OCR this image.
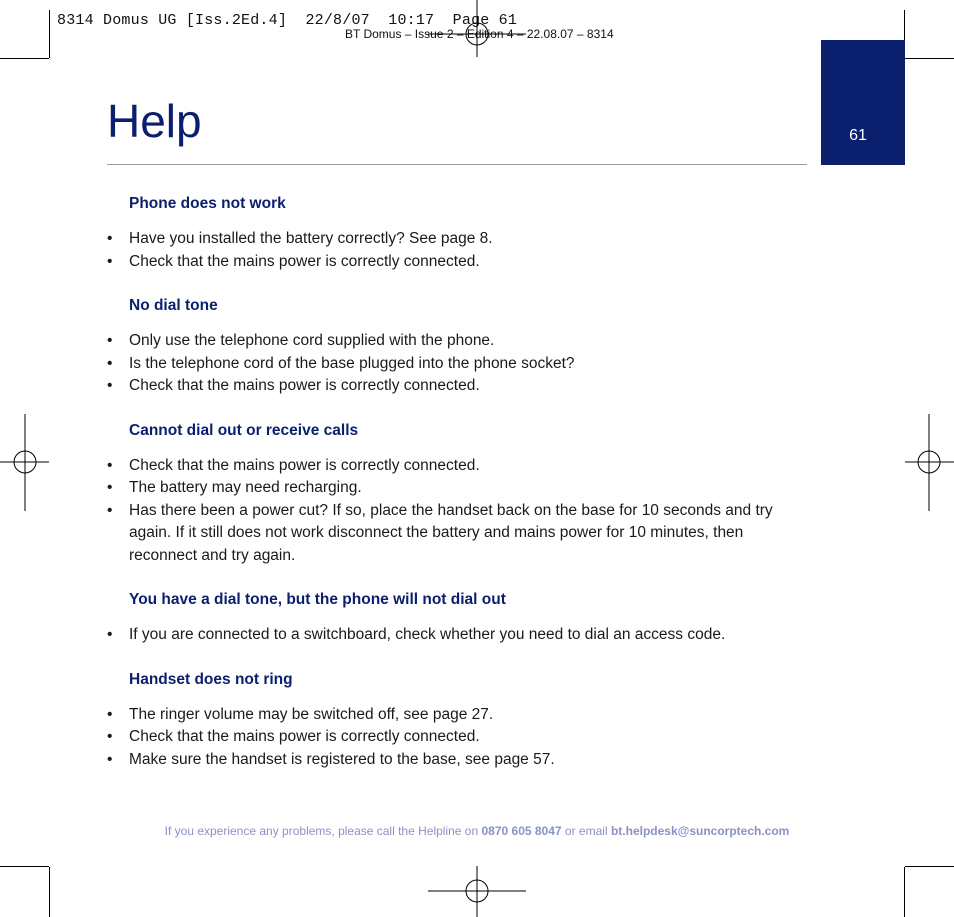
8314 Domus UG [Iss.2Ed.4]  22/8/07  10:17  Page 61
BT Domus – Issue 2 – Edition 4 – 22.08.07 – 8314
61
Help
Phone does not work
• Have you installed the battery correctly? See page 8.
• Check that the mains power is correctly connected.
No dial tone
• Only use the telephone cord supplied with the phone.
• Is the telephone cord of the base plugged into the phone socket?
• Check that the mains power is correctly connected.
Cannot dial out or receive calls
• Check that the mains power is correctly connected.
• The battery may need recharging.
• Has there been a power cut? If so, place the handset back on the base for 10 seconds and try again. If it still does not work disconnect the battery and mains power for 10 minutes, then reconnect and try again.
You have a dial tone, but the phone will not dial out
• If you are connected to a switchboard, check whether you need to dial an access code.
Handset does not ring
• The ringer volume may be switched off, see page 27.
• Check that the mains power is correctly connected.
• Make sure the handset is registered to the base, see page 57.
If you experience any problems, please call the Helpline on 0870 605 8047 or email bt.helpdesk@suncorptech.com
